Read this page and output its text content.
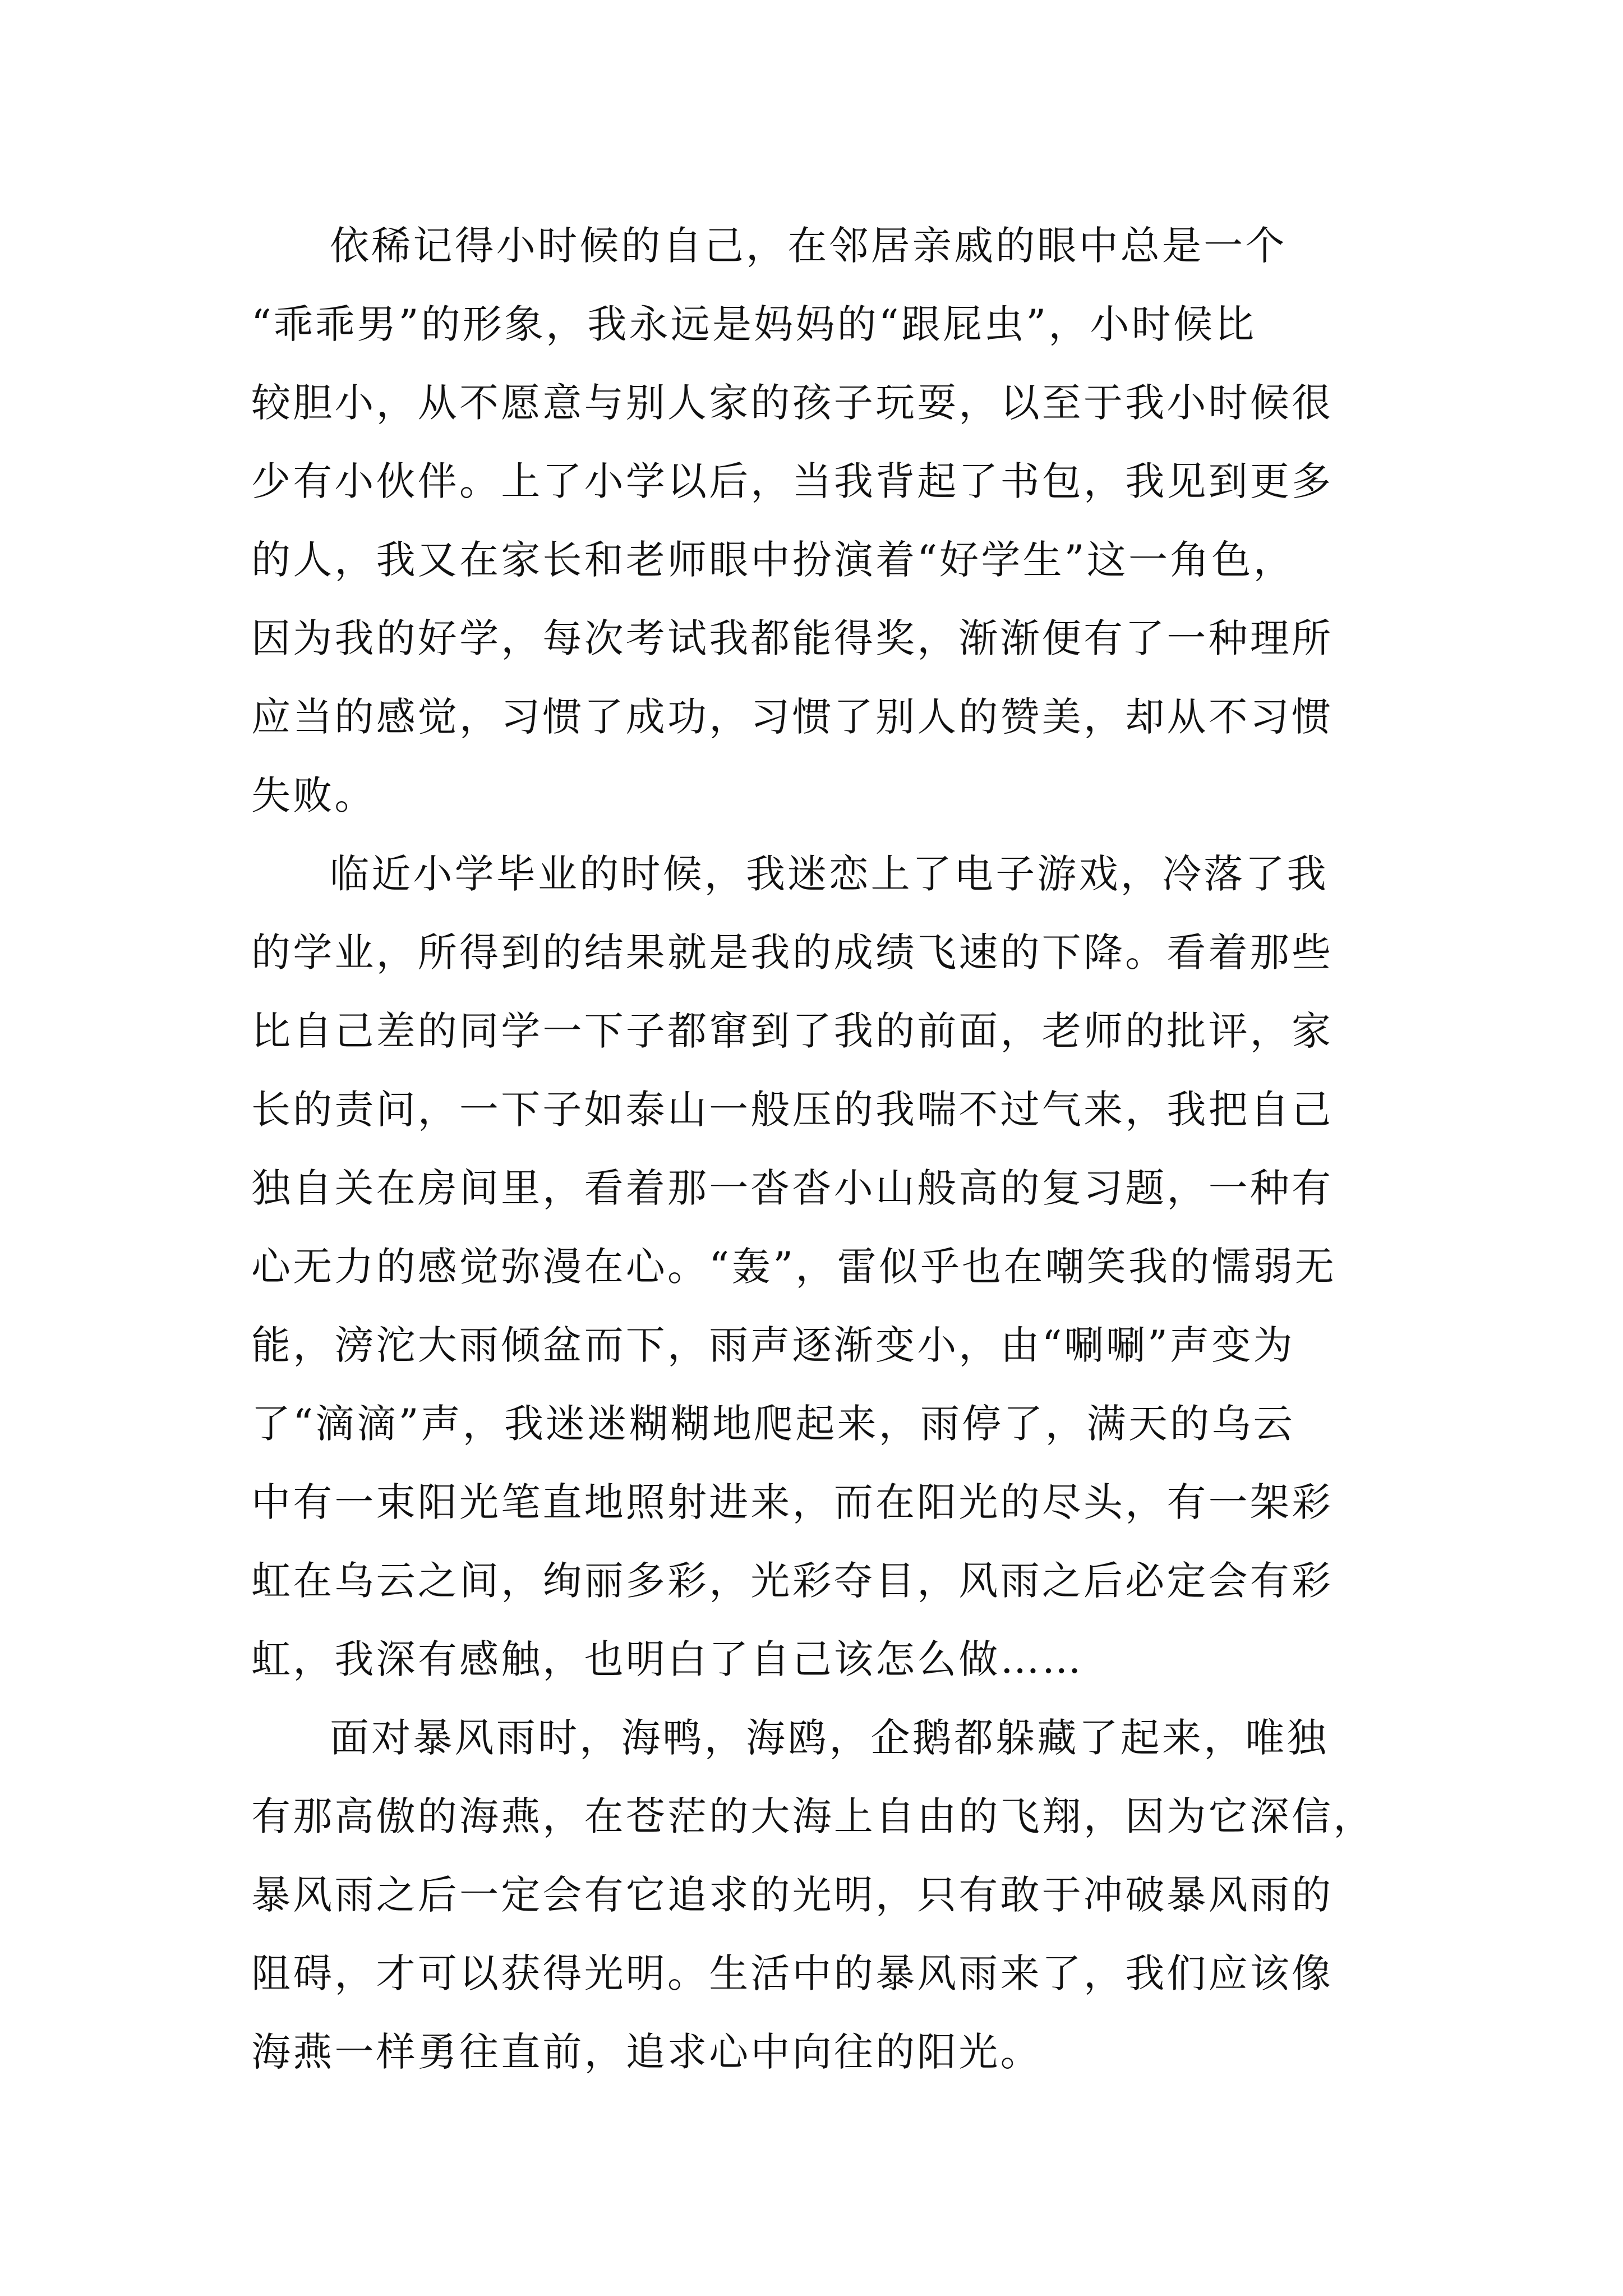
依稀记得小时候的自己，在邻居亲戚的眼中总是一个
“乖乖男”的形象，我永远是妈妈的“跟屁虫”，小时候比
较胆小，从不愿意与别人家的孩子玩耍，以至于我小时候很
少有小伙伴。上了小学以后，当我背起了书包，我见到更多
的人，我又在家长和老师眼中扮演着“好学生”这一角色，
因为我的好学，每次考试我都能得奖，渐渐便有了一种理所
应当的感觉，习惯了成功，习惯了别人的赞美，却从不习惯
失败。
临近小学毕业的时候，我迷恋上了电子游戏，冷落了我
的学业，所得到的结果就是我的成绩飞速的下降。看着那些
比自己差的同学一下子都窜到了我的前面，老师的批评，家
长的责问，一下子如泰山一般压的我喘不过气来，我把自己
独自关在房间里，看着那一沓沓小山般高的复习题，一种有
心无力的感觉弥漫在心。“轰”，雷似乎也在嘲笑我的懦弱无
能，滂沱大雨倾盆而下，雨声逐渐变小，由“唰唰”声变为
了“滴滴”声，我迷迷糊糊地爬起来，雨停了，满天的乌云
中有一束阳光笔直地照射进来，而在阳光的尽头，有一架彩
虹在乌云之间，绚丽多彩，光彩夺目，风雨之后必定会有彩
虹，我深有感触，也明白了自己该怎么做……
面对暴风雨时，海鸭，海鸥，企鹅都躲藏了起来，唯独
有那高傲的海燕，在苍茫的大海上自由的飞翔，因为它深信，
暴风雨之后一定会有它追求的光明，只有敢于冲破暴风雨的
阻碍，才可以获得光明。生活中的暴风雨来了，我们应该像
海燕一样勇往直前，追求心中向往的阳光。
